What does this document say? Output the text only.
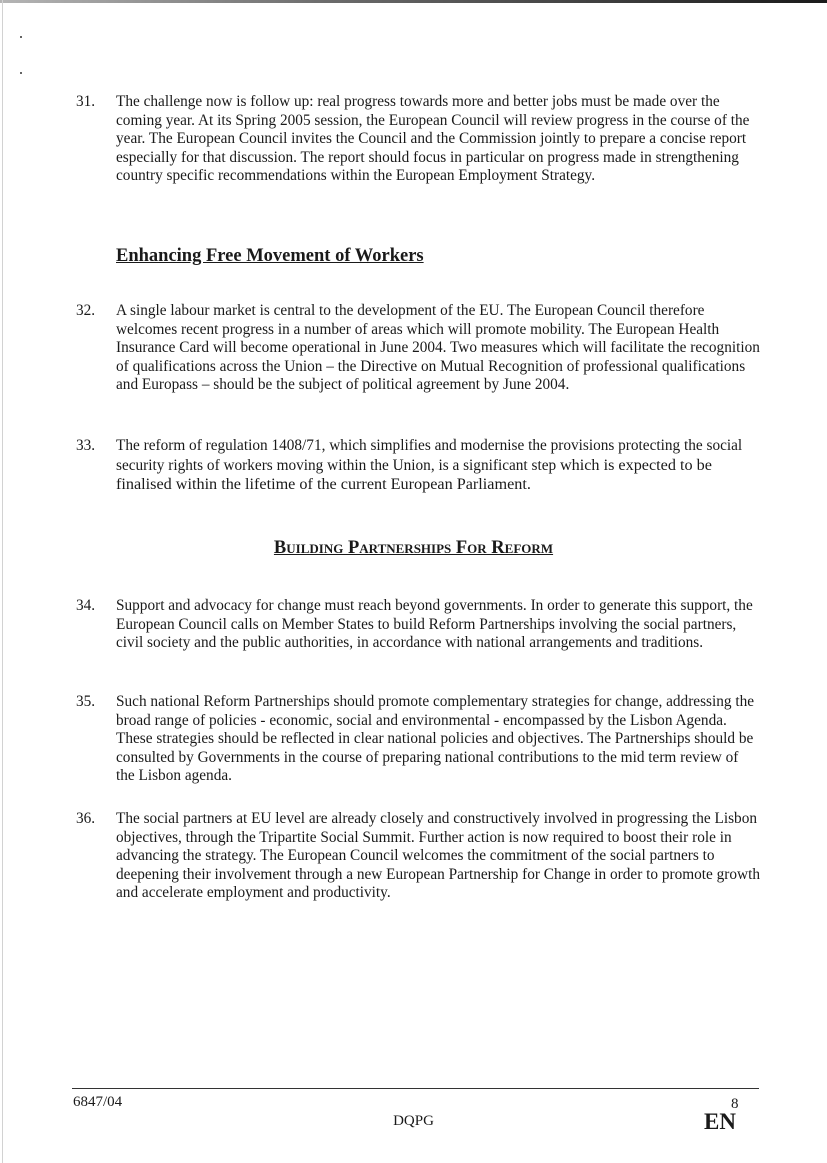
31. The challenge now is follow up: real progress towards more and better jobs must be made over the coming year. At its Spring 2005 session, the European Council will review progress in the course of the year. The European Council invites the Council and the Commission jointly to prepare a concise report especially for that discussion. The report should focus in particular on progress made in strengthening country specific recommendations within the European Employment Strategy.
Enhancing Free Movement of Workers
32. A single labour market is central to the development of the EU. The European Council therefore welcomes recent progress in a number of areas which will promote mobility. The European Health Insurance Card will become operational in June 2004. Two measures which will facilitate the recognition of qualifications across the Union – the Directive on Mutual Recognition of professional qualifications and Europass – should be the subject of political agreement by June 2004.
33. The reform of regulation 1408/71, which simplifies and modernise the provisions protecting the social security rights of workers moving within the Union, is a significant step which is expected to be finalised within the lifetime of the current European Parliament.
Building Partnerships For Reform
34. Support and advocacy for change must reach beyond governments. In order to generate this support, the European Council calls on Member States to build Reform Partnerships involving the social partners, civil society and the public authorities, in accordance with national arrangements and traditions.
35. Such national Reform Partnerships should promote complementary strategies for change, addressing the broad range of policies - economic, social and environmental - encompassed by the Lisbon Agenda. These strategies should be reflected in clear national policies and objectives. The Partnerships should be consulted by Governments in the course of preparing national contributions to the mid term review of the Lisbon agenda.
36. The social partners at EU level are already closely and constructively involved in progressing the Lisbon objectives, through the Tripartite Social Summit. Further action is now required to boost their role in advancing the strategy. The European Council welcomes the commitment of the social partners to deepening their involvement through a new European Partnership for Change in order to promote growth and accelerate employment and productivity.
6847/04	8
DQPG	EN
